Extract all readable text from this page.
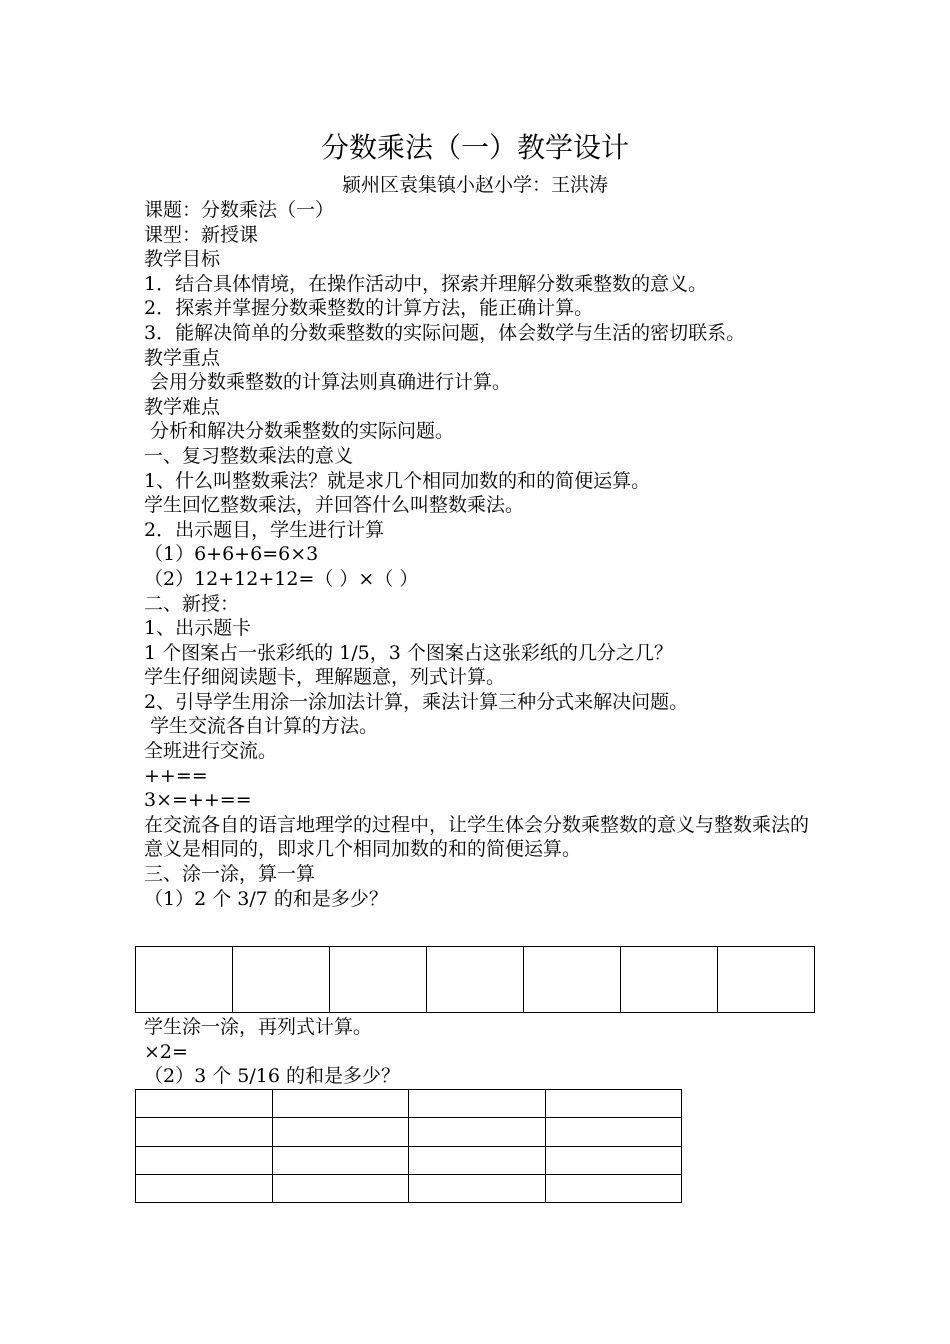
分数乘法（一）教学设计
颍州区袁集镇小赵小学：王洪涛
课题：分数乘法（一）
课型：新授课
教学目标
1．结合具体情境，在操作活动中，探索并理解分数乘整数的意义。
2．探索并掌握分数乘整数的计算方法，能正确计算。
3．能解决简单的分数乘整数的实际问题，体会数学与生活的密切联系。
教学重点
会用分数乘整数的计算法则真确进行计算。
教学难点
分析和解决分数乘整数的实际问题。
一、复习整数乘法的意义
1、什么叫整数乘法？就是求几个相同加数的和的简便运算。
学生回忆整数乘法，并回答什么叫整数乘法。
2．出示题目，学生进行计算
（1）6+6+6=6×3
（2）12+12+12=（ ）×（ ）
二、新授：
1、出示题卡
1 个图案占一张彩纸的 1/5，3 个图案占这张彩纸的几分之几？
学生仔细阅读题卡，理解题意，列式计算。
2、引导学生用涂一涂加法计算，乘法计算三种分式来解决问题。
学生交流各自计算的方法。
全班进行交流。
++==
3×=++==
在交流各自的语言地理学的过程中，让学生体会分数乘整数的意义与整数乘法的意义是相同的，即求几个相同加数的和的简便运算。
三、涂一涂，算一算
（1）2 个 3/7 的和是多少？

学生涂一涂，再列式计算。
×2=
（2）3 个 5/16 的和是多少？
